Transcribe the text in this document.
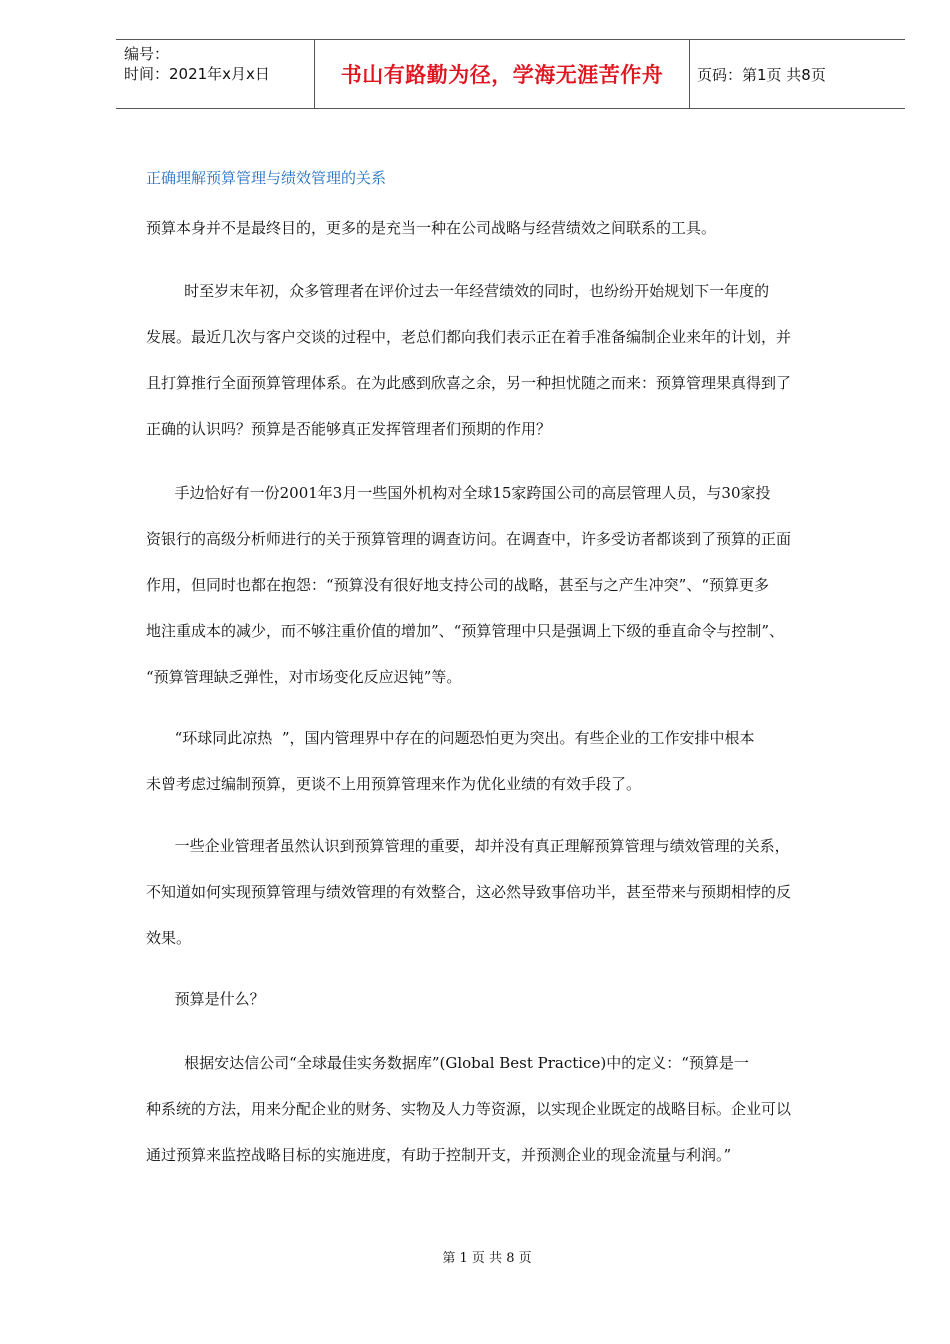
编号：
时间：2021年x月x日	书山有路勤为径，学海无涯苦作舟	页码：第1页 共8页
正确理解预算管理与绩效管理的关系
预算本身并不是最终目的，更多的是充当一种在公司战略与经营绩效之间联系的工具。
时至岁末年初，众多管理者在评价过去一年经营绩效的同时，也纷纷开始规划下一年度的
发展。最近几次与客户交谈的过程中，老总们都向我们表示正在着手准备编制企业来年的计划，并
且打算推行全面预算管理体系。在为此感到欣喜之余，另一种担忧随之而来：预算管理果真得到了
正确的认识吗？预算是否能够真正发挥管理者们预期的作用？
手边恰好有一份2001年3月一些国外机构对全球15家跨国公司的高层管理人员，与30家投
资银行的高级分析师进行的关于预算管理的调查访问。在调查中，许多受访者都谈到了预算的正面
作用，但同时也都在抱怨：“预算没有很好地支持公司的战略，甚至与之产生冲突”、“预算更多
地注重成本的减少，而不够注重价值的增加”、“预算管理中只是强调上下级的垂直命令与控制”、
“预算管理缺乏弹性，对市场变化反应迟钝”等。
“环球同此凉热  ”，国内管理界中存在的问题恐怕更为突出。有些企业的工作安排中根本
未曾考虑过编制预算，更谈不上用预算管理来作为优化业绩的有效手段了。
一些企业管理者虽然认识到预算管理的重要，却并没有真正理解预算管理与绩效管理的关系，
不知道如何实现预算管理与绩效管理的有效整合，这必然导致事倍功半，甚至带来与预期相悖的反
效果。
预算是什么？
根据安达信公司“全球最佳实务数据库”(Global Best Practice)中的定义：“预算是一
种系统的方法，用来分配企业的财务、实物及人力等资源，以实现企业既定的战略目标。企业可以
通过预算来监控战略目标的实施进度，有助于控制开支，并预测企业的现金流量与利润。”
第 1 页 共 8 页
